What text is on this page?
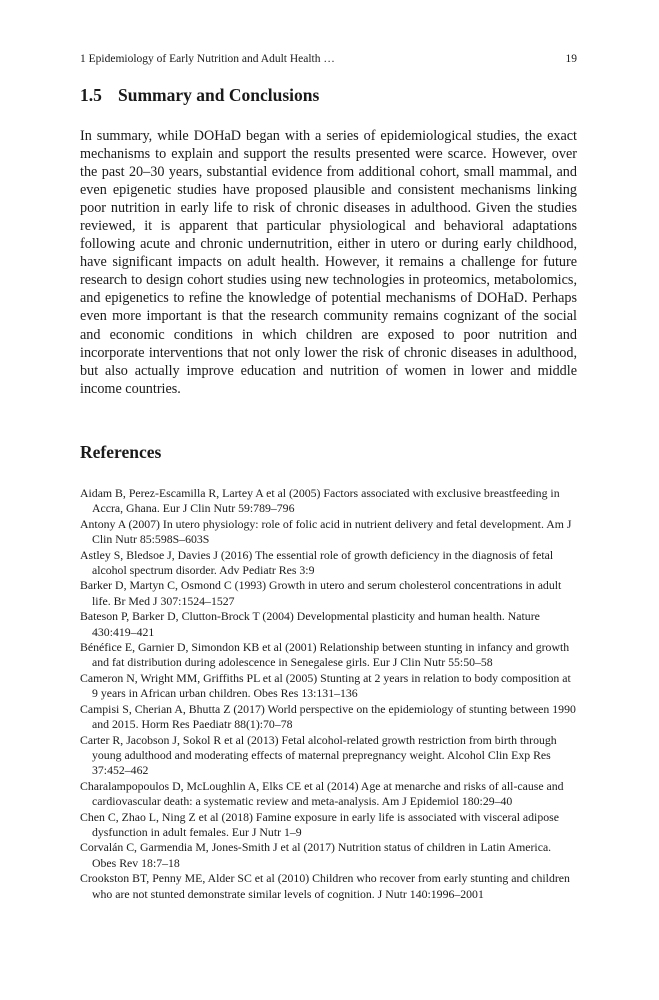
1 Epidemiology of Early Nutrition and Adult Health …	19
1.5 Summary and Conclusions

In summary, while DOHaD began with a series of epidemiological studies, the exact mechanisms to explain and support the results presented were scarce. However, over the past 20–30 years, substantial evidence from additional cohort, small mammal, and even epigenetic studies have proposed plausible and consistent mechanisms linking poor nutrition in early life to risk of chronic diseases in adulthood. Given the studies reviewed, it is apparent that particular physiological and behavioral adaptations following acute and chronic undernutrition, either in utero or during early childhood, have significant impacts on adult health. However, it remains a challenge for future research to design cohort studies using new technologies in proteomics, metabolomics, and epigenetics to refine the knowledge of potential mechanisms of DOHaD. Perhaps even more important is that the research community remains cognizant of the social and economic conditions in which children are exposed to poor nutrition and incorporate interventions that not only lower the risk of chronic diseases in adulthood, but also actually improve education and nutrition of women in lower and middle income countries.

References
Aidam B, Perez-Escamilla R, Lartey A et al (2005) Factors associated with exclusive breastfeeding in Accra, Ghana. Eur J Clin Nutr 59:789–796
Antony A (2007) In utero physiology: role of folic acid in nutrient delivery and fetal development. Am J Clin Nutr 85:598S–603S
Astley S, Bledsoe J, Davies J (2016) The essential role of growth deficiency in the diagnosis of fetal alcohol spectrum disorder. Adv Pediatr Res 3:9
Barker D, Martyn C, Osmond C (1993) Growth in utero and serum cholesterol concentrations in adult life. Br Med J 307:1524–1527
Bateson P, Barker D, Clutton-Brock T (2004) Developmental plasticity and human health. Nature 430:419–421
Bénéfice E, Garnier D, Simondon KB et al (2001) Relationship between stunting in infancy and growth and fat distribution during adolescence in Senegalese girls. Eur J Clin Nutr 55:50–58
Cameron N, Wright MM, Griffiths PL et al (2005) Stunting at 2 years in relation to body composition at 9 years in African urban children. Obes Res 13:131–136
Campisi S, Cherian A, Bhutta Z (2017) World perspective on the epidemiology of stunting between 1990 and 2015. Horm Res Paediatr 88(1):70–78
Carter R, Jacobson J, Sokol R et al (2013) Fetal alcohol-related growth restriction from birth through young adulthood and moderating effects of maternal prepregnancy weight. Alcohol Clin Exp Res 37:452–462
Charalampopoulos D, McLoughlin A, Elks CE et al (2014) Age at menarche and risks of all-cause and cardiovascular death: a systematic review and meta-analysis. Am J Epidemiol 180:29–40
Chen C, Zhao L, Ning Z et al (2018) Famine exposure in early life is associated with visceral adipose dysfunction in adult females. Eur J Nutr 1–9
Corvalán C, Garmendia M, Jones-Smith J et al (2017) Nutrition status of children in Latin America. Obes Rev 18:7–18
Crookston BT, Penny ME, Alder SC et al (2010) Children who recover from early stunting and children who are not stunted demonstrate similar levels of cognition. J Nutr 140:1996–2001
